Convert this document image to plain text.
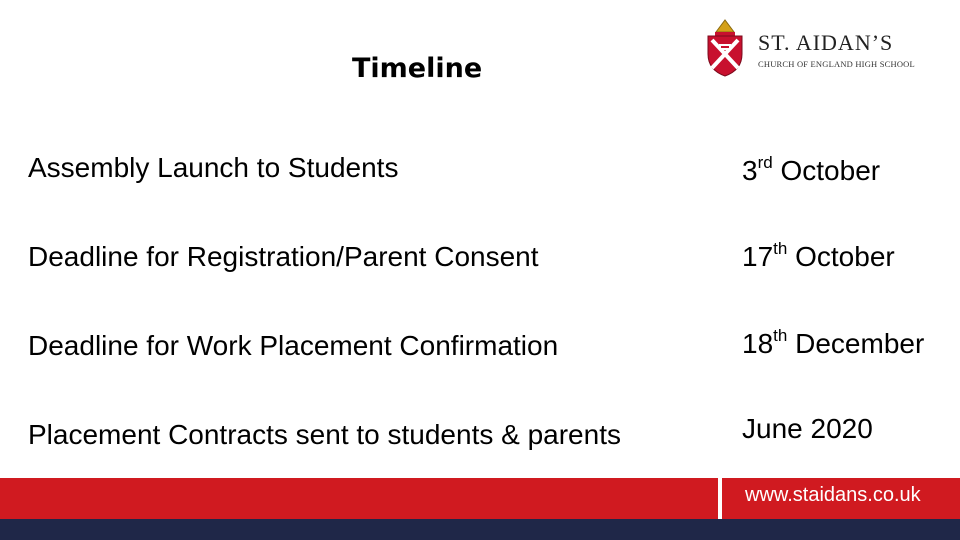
Timeline
ST. AIDAN’S
CHURCH OF ENGLAND HIGH SCHOOL
Assembly Launch to Students	3rd October
Deadline for Registration/Parent Consent	17th October
Deadline for Work Placement Confirmation	18th December
Placement Contracts sent to students & parents	June 2020
www.staidans.co.uk
